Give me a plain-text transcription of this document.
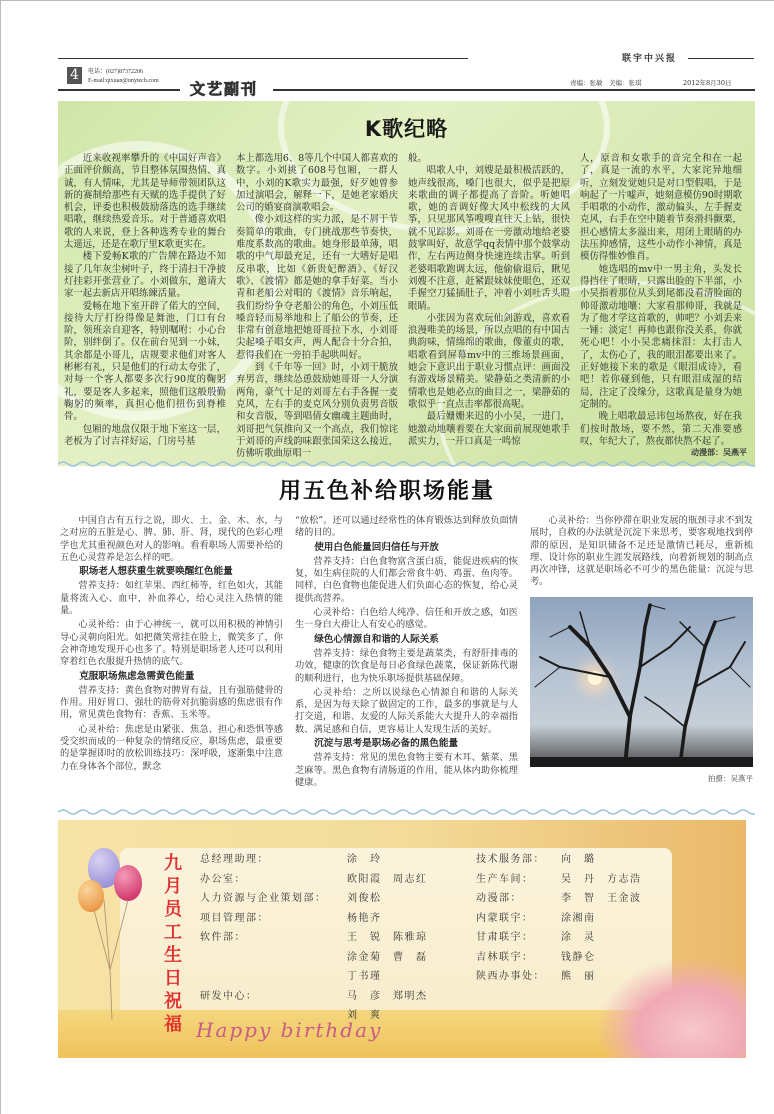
联宇中兴报
4	电话：(027)87372206
E-mail:qixuan@unytech.com 文艺副刊	责编：张敏　美编：张琪	2012年8月30日
K歌纪略

近来收视率攀升的《中国好声音》正面评价颇高，节目整体氛围热情、真诚，有人情味，尤其是导师带领团队这新的赛制给那些有天赋的选手提供了好机会，评委也积极鼓励落选的选手继续唱歌，继续热爱音乐。对于普通喜欢唱歌的人来说，登上各种选秀专业的舞台太遥远，还是在歌厅里K歌更实在。

楼下爱畅K歌的广告牌在路边不知接了几年灰尘树叶子，终于清扫干净披灯挂彩开张营业了。小刘做东，邀请大家一起去新店开唱练練活量。

爱畅在地下室开辟了偌大的空间，接待大厅打扮得像是舞池，门口有台阶，领班亲自迎客，特别嘱咐：小心台阶，别绊倒了。仅在前台见到一小妹，其余都是小哥儿，店规要求他们对客人彬彬有礼，只是他们的行动太夸张了，对每一个客人都要多次行90度的鞠躬礼，要是客人多起来，照他们这般殷勤鞠躬的频率，真担心他们扭伤到脊椎骨。

包厢的地盘仅限于地下室这一层，老板为了讨吉祥好运，门房号基

本上都选用6、8等几个中国人都喜欢的数字。小刘挑了608号包厢，一群人中，小刘的K歌实力最强，好歹她曾参加过演唱会，解释一下，是她老家婚庆公司的婚宴商演歌唱会。

像小刘这样的实力派，是不屑于节奏简单的歌曲，专门挑战那些节奏快，难度系数高的歌曲。她身形最单薄，唱歌的中气却最充足，还有一大嗜好是唱反串歌，比如《新贵妃醉酒》、《好汉歌》、《渡情》都是她的拿手好菜。当小青和老船公对唱的《渡情》音乐响起，我们纷纷争夺老船公的角色，小刘压低嗓音轻而易举地和上了船公的节奏，还非常有创意地把她哥哥拉下水，小刘哥尖起嗓子唱女声，两人配合十分合拍，惹得我们在一旁拍手起哄叫好。

到《千年等一回》时，小刘干脆放弃男音，继续怂恿鼓励她哥哥一人分演两角，豪气十足的刘哥左右手各握一麦克风，左右手的麦克风分别负责男音版和女音版，等到唱倩女幽魂主题曲时，刘哥把气氛推向又一个高点，我们惊诧于刘哥的声线韵味跟张国荣这么接近，仿佛听歌曲原唱一

般。

唱歌人中，刘嫂是最积极活跃的，她声线很高，嗓门也很大，似乎是把原来歌曲的调子都提高了音阶。听她唱歌，她的音调好像大风中松线的大风筝，只见那风筝嗖嗖直往天上钻，很快就不见踪影。刘哥在一旁激动地给老婆鼓掌叫好，故意学qq表情中那个鼓掌动作，左右两边侧身快速连续击掌。听到老婆唱歌跑调太远，他偷偷退后，瞅见刘嫂不注意，赶紧跟妹妹使眼色，还双手握空刀猛插肚子，冲着小刘吐舌头瞪眼睛。

小张因为喜欢玩仙剑游戏，喜欢看浪漫唯美的场景，所以点唱的有中国古典韵味，情绵绵的歌曲，像董贞的歌，唱歌看到屏幕mv中的三维场景画面，她会下意识出于职业习惯点评：画面没有游戏场景精美。梁静茹之类清新的小情歌也是她必点的曲目之一，梁静茹的歌似乎一直点击率都很高呢。

最后姗姗来迟的小小吴，一进门，她激动地嚷着要在大家面前展现她歌手派实力，一开口真是一鸣惊

人，原音和女歌手的音完全和在一起了，真是一流的水平，大家诧异地细听，立刻发觉她只是对口型假唱，于是响起了一片嘘声，她刻意模仿90时期歌手唱歌的小动作，激动偏头，左手握麦克风，右手在空中随着节奏滑抖颤栗，担心感情太多溢出来，用闭上眼睛的办法压抑感情，这些小动作小神情，真是模仿得惟妙惟肖。

她选唱的mv中一男主角，头发长得挡住了眼睛，只露出脸的下半部，小小吴指着那位从头到尾都没看清脸面的帅哥激动地嚷：大家看那帅哥，我就是为了他才学这首歌的，帅吧？小刘丢来一锤：淡定！再帅也跟你没关系，你就死心吧！小小吴悲痛抹泪：太打击人了，太伤心了，我的眼泪都要出来了。正好她接下来的歌是《眼泪成诗》，看吧！若你碰到他，只有眼泪成湿的结局，注定了没缘分，这歌真是量身为她定制的。

晚上唱歌最忌讳包场熬夜，好在我们按时散场，要不然，第二天准要感叹，年纪大了，熬夜都快熬不起了。

动漫部：吴燕平
用五色补给职场能量

中国自古有五行之说，即火、土、金、木、水，与之对应的五脏是心、脾、肺、肝、肾，现代的色彩心理学也尤其重视颜色对人的影响。看看职场人需要补给的五色心灵营养是怎么样的吧。

职场老人想获重生就要唤醒红色能量

营养支持：如红苹果、西红柿等，红色如火，其能量将流入心、血中，补血养心，给心灵注入热情的能量。

心灵补给：由于心神统一，就可以用积极的神情引导心灵朝向阳光。如把微笑常挂在脸上，微笑多了，你会神奇地发现开心也多了。特别是职场老人还可以利用穿着红色衣服提升热情的底气。

克服职场焦虑急需黄色能量

营养支持：黄色食物对脾胃有益，且有强筋健骨的作用。用好胃口、强壮的筋骨对抗脆弱感的焦虑很有作用，常见黄色食物有：香蕉、玉米等。

心灵补给：焦虑是由紧张、焦急、担心和恐惧等感受交织而成的一种复杂的情绪反应，职场焦虑，最重要的是掌握即时的放松训练技巧：深呼吸，逐渐集中注意力在身体各个部位，默念

“放松”。还可以通过经常性的体育锻炼达到释放负面情绪的目的。

使用白色能量回归信任与开放

营养支持：白色食物富含蛋白质，能促进疾病的恢复，如生病住院的人们都会常食牛奶、鸡蛋、鱼肉等。同样，白色食物也能促进人们负面心态的恢复，给心灵提供高营养。

心灵补给：白色给人纯净、信任和开放之感，如医生一身白大褂让人有安心的感觉。

绿色心情源自和谐的人际关系

营养支持：绿色食物主要是蔬菜类，有舒肝排毒的功效，健康的饮食是每日必食绿色蔬菜，保证新陈代谢的顺利进行，也为快乐职场提供基础保障。

心灵补给：之所以说绿色心情源自和谐的人际关系，是因为每天除了做固定的工作，最多的事就是与人打交道，和谐、友爱的人际关系能大大提升人的幸福指数、满足感和自信，更容易让人发现生活的美好。

沉淀与思考是职场必备的黑色能量

营养支持：常见的黑色食物主要有木耳、紫菜、黑芝麻等。黑色食物有清肠道的作用，能从体内助你梳理健康。

心灵补给：当你停滞在职业发展的瓶颈寻求不到发展时，自救的办法就是沉淀下来思考，要客观地找到停滞的原因，是知识储备不足还是激情已耗尽，重新梳理、设计你的职业生涯发展路线，向着新规划的制高点再次冲锋，这就是职场必不可少的黑色能量：沉淀与思考。

拍摄：吴燕平
九
月
员
工
生
日
祝
福
总经理助理：	涂　玲
办公室：	欧阳霞　周志红
人力资源与企业策划部：	刘俊松
项目管理部：	杨艳齐
软件部：	王　锐　陈雅琼
涂金菊　曹　磊
丁书瑾
研发中心：	马　彦　郑明杰
刘　爽
技术服务部：	向　璐
生产车间：	吴　丹　方志浩
动漫部：	李　智　王金波
内蒙联宇：	涂湘南
甘肃联宇：	涂　灵
吉林联宇：	钱静仑
陕西办事处：	熊　丽
Happy birthday
